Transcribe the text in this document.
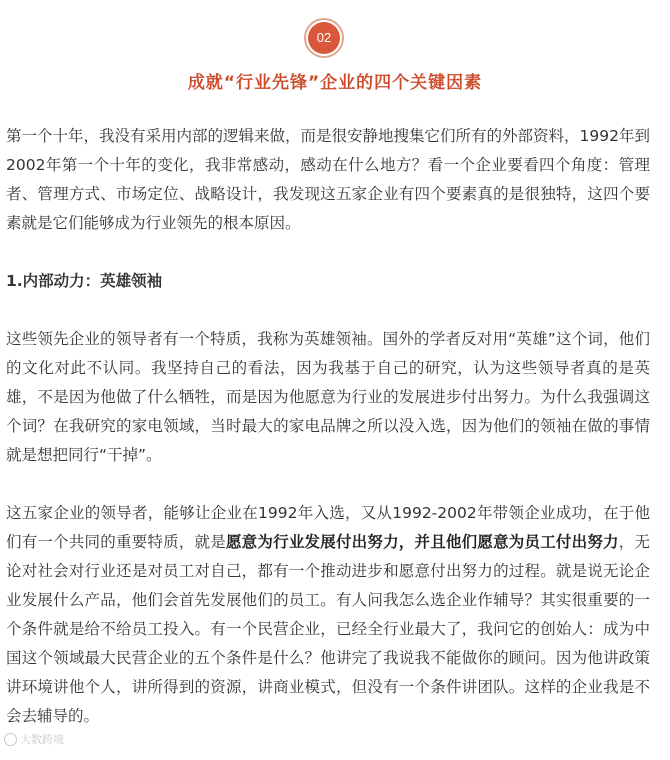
02
成就“行业先锋”企业的四个关键因素

第一个十年，我没有采用内部的逻辑来做，而是很安静地搜集它们所有的外部资料，1992年到2002年第一个十年的变化，我非常感动，感动在什么地方？看一个企业要看四个角度：管理者、管理方式、市场定位、战略设计，我发现这五家企业有四个要素真的是很独特，这四个要素就是它们能够成为行业领先的根本原因。

1.内部动力：英雄领袖

这些领先企业的领导者有一个特质，我称为英雄领袖。国外的学者反对用“英雄”这个词，他们的文化对此不认同。我坚持自己的看法，因为我基于自己的研究，认为这些领导者真的是英雄，不是因为他做了什么牺牲，而是因为他愿意为行业的发展进步付出努力。为什么我强调这个词？在我研究的家电领域，当时最大的家电品牌之所以没入选，因为他们的领袖在做的事情就是想把同行“干掉”。

这五家企业的领导者，能够让企业在1992年入选，又从1992-2002年带领企业成功，在于他们有一个共同的重要特质，就是愿意为行业发展付出努力，并且他们愿意为员工付出努力，无论对社会对行业还是对员工对自己，都有一个推动进步和愿意付出努力的过程。就是说无论企业发展什么产品，他们会首先发展他们的员工。有人问我怎么选企业作辅导？其实很重要的一个条件就是给不给员工投入。有一个民营企业，已经全行业最大了，我问它的创始人：成为中国这个领域最大民营企业的五个条件是什么？他讲完了我说我不能做你的顾问。因为他讲政策讲环境讲他个人，讲所得到的资源，讲商业模式，但没有一个条件讲团队。这样的企业我是不会去辅导的。

大数跨境
